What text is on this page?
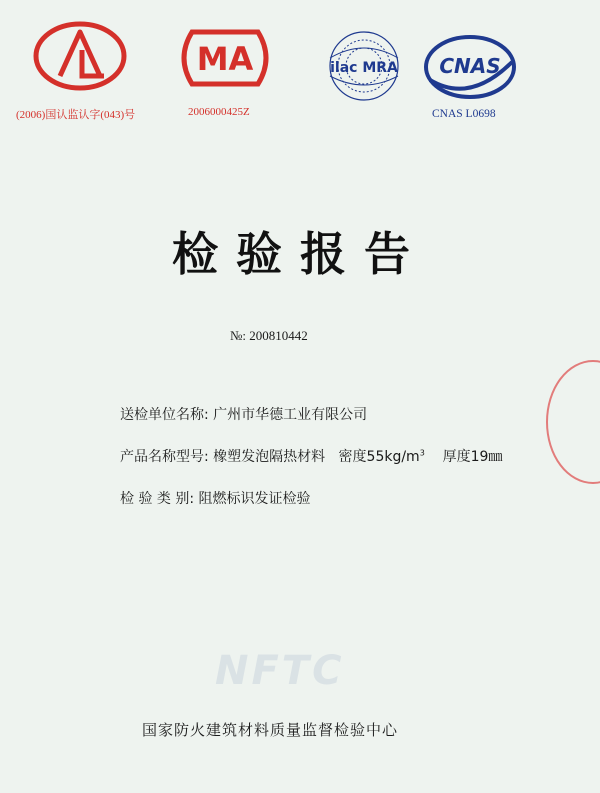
(2006)国认监认字(043)号
MA
2006000425Z
ilac MRA CNAS
CNAS L0698
检验报告
№: 200810442
送检单位名称: 广州市华德工业有限公司
产品名称型号: 橡塑发泡隔热材料 密度$55kg/m^3$ 厚度19㎜
检 验 类 别: 阻燃标识发证检验
NFTC
国家防火建筑材料质量监督检验中心
